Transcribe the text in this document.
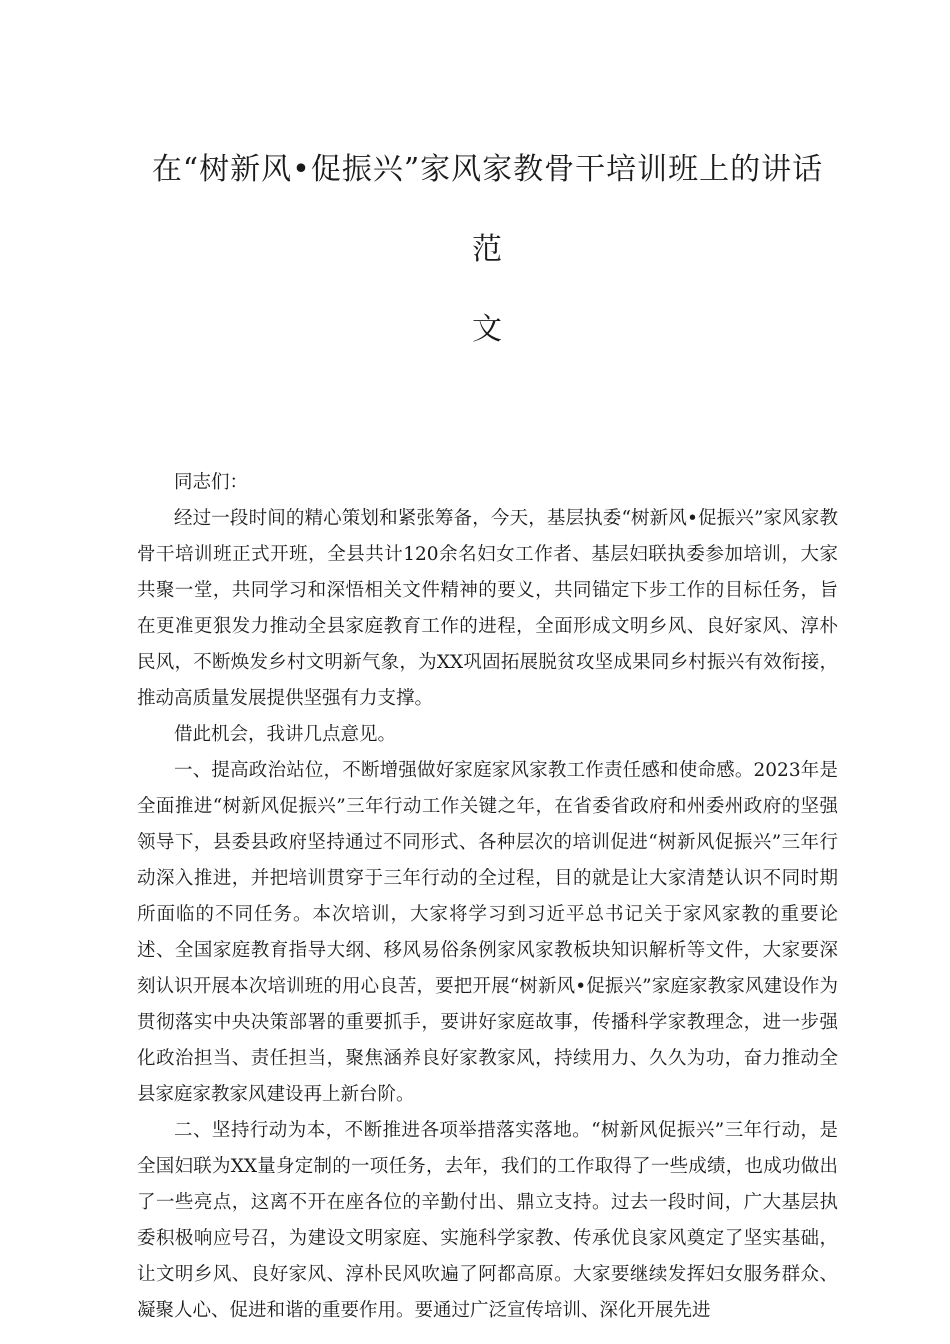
在“树新风•促振兴”家风家教骨干培训班上的讲话范
文

同志们：

经过一段时间的精心策划和紧张筹备，今天，基层执委“树新风•促振兴”家风家教骨干培训班正式开班，全县共计120余名妇女工作者、基层妇联执委参加培训，大家共聚一堂，共同学习和深悟相关文件精神的要义，共同锚定下步工作的目标任务，旨在更准更狠发力推动全县家庭教育工作的进程，全面形成文明乡风、良好家风、淳朴民风，不断焕发乡村文明新气象，为XX巩固拓展脱贫攻坚成果同乡村振兴有效衔接，推动高质量发展提供坚强有力支撑。

借此机会，我讲几点意见。

一、提高政治站位，不断增强做好家庭家风家教工作责任感和使命感。2023年是全面推进“树新风促振兴”三年行动工作关键之年，在省委省政府和州委州政府的坚强领导下，县委县政府坚持通过不同形式、各种层次的培训促进“树新风促振兴”三年行动深入推进，并把培训贯穿于三年行动的全过程，目的就是让大家清楚认识不同时期所面临的不同任务。本次培训，大家将学习到习近平总书记关于家风家教的重要论述、全国家庭教育指导大纲、移风易俗条例家风家教板块知识解析等文件，大家要深刻认识开展本次培训班的用心良苦，要把开展“树新风•促振兴”家庭家教家风建设作为贯彻落实中央决策部署的重要抓手，要讲好家庭故事，传播科学家教理念，进一步强化政治担当、责任担当，聚焦涵养良好家教家风，持续用力、久久为功，奋力推动全县家庭家教家风建设再上新台阶。

二、坚持行动为本，不断推进各项举措落实落地。“树新风促振兴”三年行动，是全国妇联为XX量身定制的一项任务，去年，我们的工作取得了一些成绩，也成功做出了一些亮点，这离不开在座各位的辛勤付出、鼎立支持。过去一段时间，广大基层执委积极响应号召，为建设文明家庭、实施科学家教、传承优良家风奠定了坚实基础，让文明乡风、良好家风、淳朴民风吹遍了阿都高原。大家要继续发挥妇女服务群众、凝聚人心、促进和谐的重要作用。要通过广泛宣传培训、深化开展先进
